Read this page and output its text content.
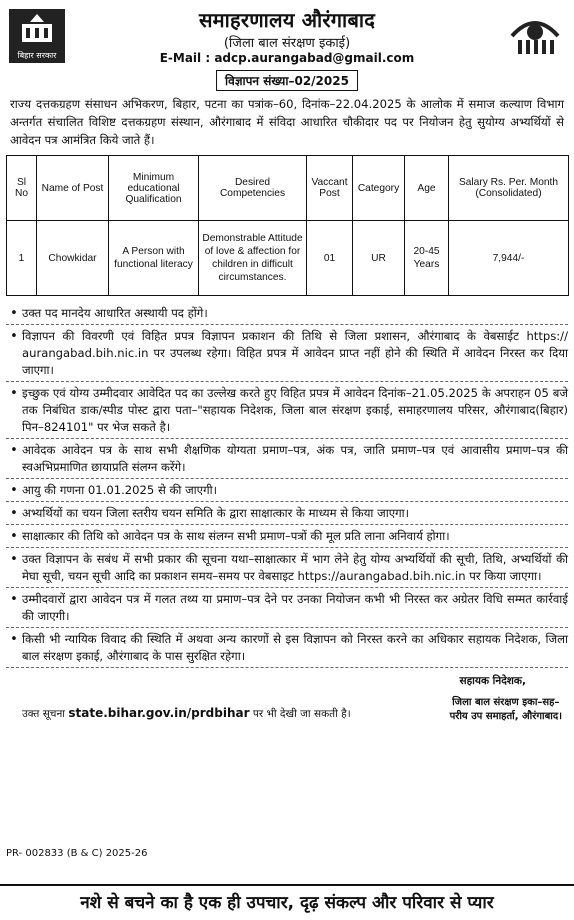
बिहार सरकार
समाहरणालय औरंगाबाद
(जिला बाल संरक्षण इकाई)
E-Mail : adcp.aurangabad@gmail.com
विज्ञापन संख्या–02/2025
राज्य दत्तकग्रहण संसाधन अभिकरण, बिहार, पटना का पत्रांक–60, दिनांक–22.04.2025 के आलोक में समाज कल्याण विभाग अन्तर्गत संचालित विशिष्ट दत्तकग्रहण संस्थान, औरंगाबाद में संविदा आधारित चौकीदार पद पर नियोजन हेतु सुयोग्य अभ्यर्थियों से आवेदन पत्र आमंत्रित किये जाते हैं।
Sl No	Name of Post	Minimum educational Qualification	Desired Competencies	Vaccant Post	Category	Age	Salary Rs. Per. Month (Consolidated)
1	Chowkidar	A Person with functional literacy	Demonstrable Attitude of love & affection for children in difficult circumstances.	01	UR	20-45 Years	7,944/-
• उक्त पद मानदेय आधारित अस्थायी पद होंगे।
• विज्ञापन की विवरणी एवं विहित प्रपत्र विज्ञापन प्रकाशन की तिथि से जिला प्रशासन, औरंगाबाद के वेबसाईट https:// aurangabad.bih.nic.in पर उपलब्ध रहेगा। विहित प्रपत्र में आवेदन प्राप्त नहीं होने की स्थिति में आवेदन निरस्त कर दिया जाएगा।
• इच्छुक एवं योग्य उम्मीदवार आवेदित पद का उल्लेख करते हुए विहित प्रपत्र में आवेदन दिनांक–21.05.2025 के अपराहन 05 बजे तक निबंधित डाक/स्पीड पोस्ट द्वारा पता–"सहायक निदेशक, जिला बाल संरक्षण इकाई, समाहरणालय परिसर, औरंगाबाद(बिहार) पिन–824101" पर भेज सकते है।
• आवेदक आवेदन पत्र के साथ सभी शैक्षणिक योग्यता प्रमाण–पत्र, अंक पत्र, जाति प्रमाण–पत्र एवं आवासीय प्रमाण–पत्र की स्वअभिप्रमाणित छायाप्रति संलग्न करेंगे।
• आयु की गणना 01.01.2025 से की जाएगी।
• अभ्यर्थियों का चयन जिला स्तरीय चयन समिति के द्वारा साक्षात्कार के माध्यम से किया जाएगा।
• साक्षात्कार की तिथि को आवेदन पत्र के साथ संलग्न सभी प्रमाण–पत्रों की मूल प्रति लाना अनिवार्य होगा।
• उक्त विज्ञापन के सबंध में सभी प्रकार की सूचना यथा–साक्षात्कार में भाग लेने हेतु योग्य अभ्यर्थियों की सूची, तिथि, अभ्यर्थियों की मेघा सूची, चयन सूची आदि का प्रकाशन समय–समय पर वेबसाइट https://aurangabad.bih.nic.in पर किया जाएगा।
• उम्मीदवारों द्वारा आवेदन पत्र में गलत तथ्य या प्रमाण–पत्र देने पर उनका नियोजन कभी भी निरस्त कर अग्रेतर विधि सम्मत कार्रवाई की जाएगी।
• किसी भी न्यायिक विवाद की स्थिति में अथवा अन्य कारणों से इस विज्ञापन को निरस्त करने का अधिकार सहायक निदेशक, जिला बाल संरक्षण इकाई, औरंगाबाद के पास सुरक्षित रहेगा।
सहायक निदेशक,
जिला बाल संरक्षण इका–सह–
परीय उप समाहर्ता, औरंगाबाद।
उक्त सूचना state.bihar.gov.in/prdbihar पर भी देखी जा सकती है।
PR- 002833 (B & C) 2025-26
नशे से बचने का है एक ही उपचार, दृढ़ संकल्प और परिवार से प्यार
